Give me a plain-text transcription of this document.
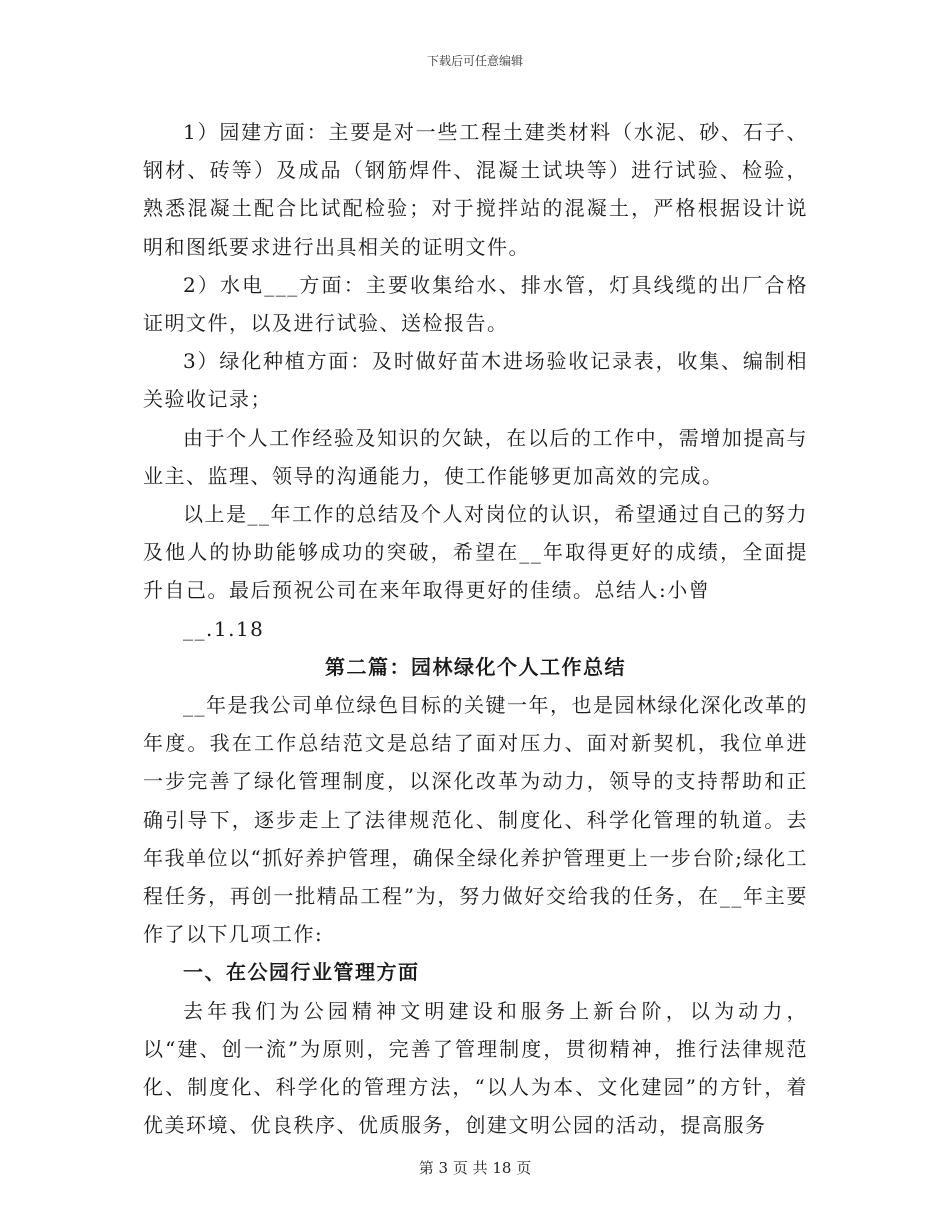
下载后可任意编辑

1）园建方面：主要是对一些工程土建类材料（水泥、砂、石子、钢材、砖等）及成品（钢筋焊件、混凝土试块等）进行试验、检验，熟悉混凝土配合比试配检验；对于搅拌站的混凝土，严格根据设计说明和图纸要求进行出具相关的证明文件。

2）水电___方面：主要收集给水、排水管，灯具线缆的出厂合格证明文件，以及进行试验、送检报告。

3）绿化种植方面：及时做好苗木进场验收记录表，收集、编制相关验收记录；

由于个人工作经验及知识的欠缺，在以后的工作中，需增加提高与业主、监理、领导的沟通能力，使工作能够更加高效的完成。

以上是__年工作的总结及个人对岗位的认识，希望通过自己的努力及他人的协助能够成功的突破，希望在__年取得更好的成绩，全面提升自己。最后预祝公司在来年取得更好的佳绩。总结人:小曾

__.1.18

第二篇：园林绿化个人工作总结

__年是我公司单位绿色目标的关键一年，也是园林绿化深化改革的年度。我在工作总结范文是总结了面对压力、面对新契机，我位单进一步完善了绿化管理制度，以深化改革为动力，领导的支持帮助和正确引导下，逐步走上了法律规范化、制度化、科学化管理的轨道。去年我单位以“抓好养护管理，确保全绿化养护管理更上一步台阶;绿化工程任务，再创一批精品工程”为，努力做好交给我的任务，在__年主要作了以下几项工作:

一、在公园行业管理方面

去年我们为公园精神文明建设和服务上新台阶，以为动力，以“建、创一流”为原则，完善了管理制度，贯彻精神，推行法律规范化、制度化、科学化的管理方法，“以人为本、文化建园”的方针，着优美环境、优良秩序、优质服务，创建文明公园的活动，提高服务

第 3 页 共 18 页
